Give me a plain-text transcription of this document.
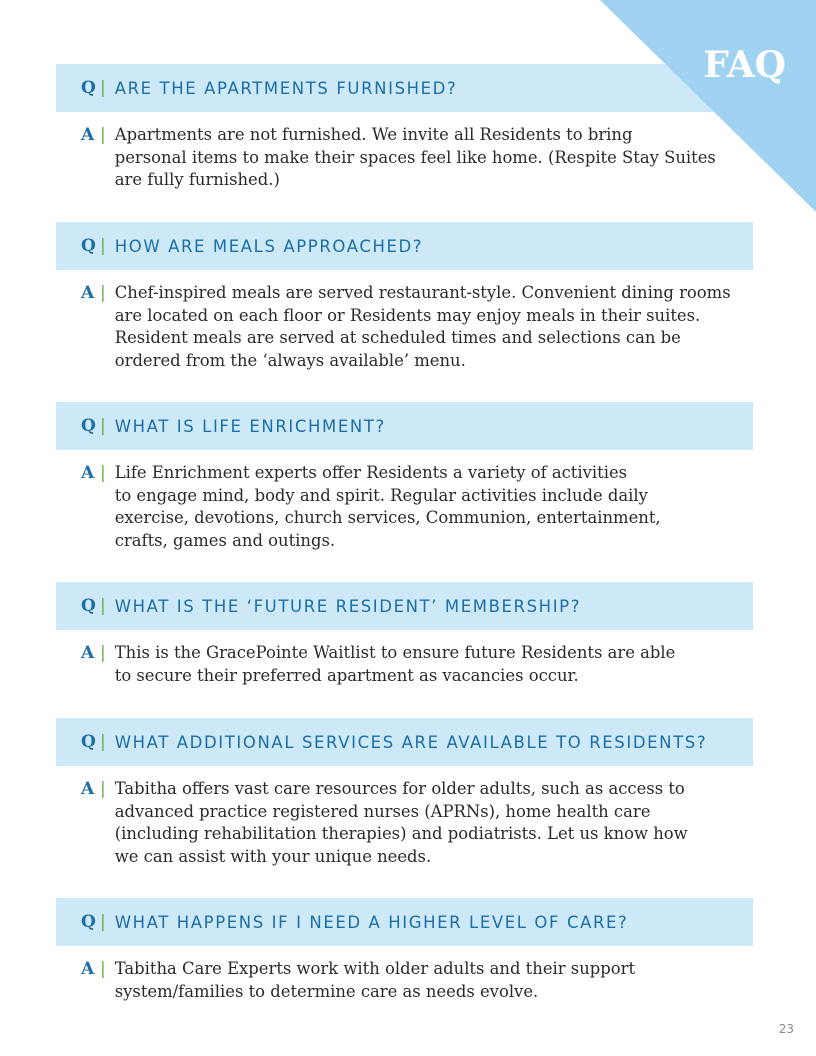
FAQ
Q | ARE THE APARTMENTS FURNISHED?
A | Apartments are not furnished. We invite all Residents to bring
personal items to make their spaces feel like home. (Respite Stay Suites
are fully furnished.)
Q | HOW ARE MEALS APPROACHED?
A | Chef-inspired meals are served restaurant-style. Convenient dining rooms
are located on each floor or Residents may enjoy meals in their suites.
Resident meals are served at scheduled times and selections can be
ordered from the ‘always available’ menu.
Q | WHAT IS LIFE ENRICHMENT?
A | Life Enrichment experts offer Residents a variety of activities
to engage mind, body and spirit. Regular activities include daily
exercise, devotions, church services, Communion, entertainment,
crafts, games and outings.
Q | WHAT IS THE ‘FUTURE RESIDENT’ MEMBERSHIP?
A | This is the GracePointe Waitlist to ensure future Residents are able
to secure their preferred apartment as vacancies occur.
Q | WHAT ADDITIONAL SERVICES ARE AVAILABLE TO RESIDENTS?
A | Tabitha offers vast care resources for older adults, such as access to
advanced practice registered nurses (APRNs), home health care
(including rehabilitation therapies) and podiatrists. Let us know how
we can assist with your unique needs.
Q | WHAT HAPPENS IF I NEED A HIGHER LEVEL OF CARE?
A | Tabitha Care Experts work with older adults and their support
system/families to determine care as needs evolve.
23
